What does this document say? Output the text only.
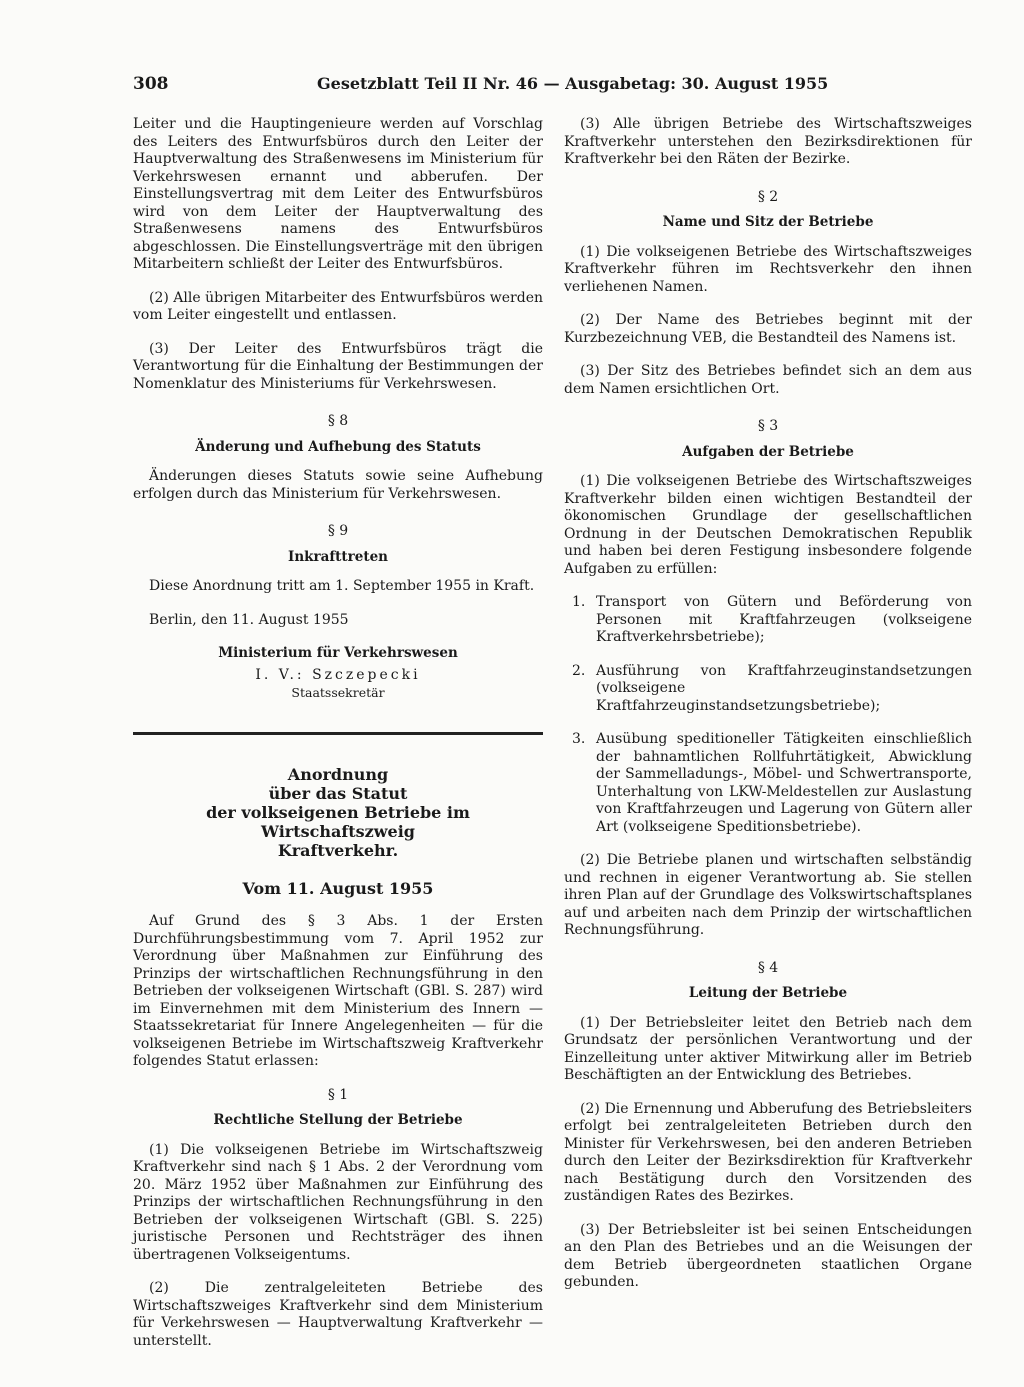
308	Gesetzblatt Teil II Nr. 46 — Ausgabetag: 30. August 1955

Leiter und die Hauptingenieure werden auf Vorschlag des Leiters des Entwurfsbüros durch den Leiter der Hauptverwaltung des Straßenwesens im Ministerium für Verkehrswesen ernannt und abberufen. Der Einstellungsvertrag mit dem Leiter des Entwurfsbüros wird von dem Leiter der Hauptverwaltung des Straßenwesens namens des Entwurfsbüros abgeschlossen. Die Einstellungsverträge mit den übrigen Mitarbeitern schließt der Leiter des Entwurfsbüros.

(2) Alle übrigen Mitarbeiter des Entwurfsbüros werden vom Leiter eingestellt und entlassen.

(3) Der Leiter des Entwurfsbüros trägt die Verantwortung für die Einhaltung der Bestimmungen der Nomenklatur des Ministeriums für Verkehrswesen.

§ 8
Änderung und Aufhebung des Statuts

Änderungen dieses Statuts sowie seine Aufhebung erfolgen durch das Ministerium für Verkehrswesen.

§ 9
Inkrafttreten

Diese Anordnung tritt am 1. September 1955 in Kraft.

Berlin, den 11. August 1955

Ministerium für Verkehrswesen
I. V.: Szczepecki
Staatssekretär
Anordnung
über das Statut
der volkseigenen Betriebe im Wirtschaftszweig
Kraftverkehr.
Vom 11. August 1955

Auf Grund des § 3 Abs. 1 der Ersten Durchführungsbestimmung vom 7. April 1952 zur Verordnung über Maßnahmen zur Einführung des Prinzips der wirtschaftlichen Rechnungsführung in den Betrieben der volkseigenen Wirtschaft (GBl. S. 287) wird im Einvernehmen mit dem Ministerium des Innern — Staatssekretariat für Innere Angelegenheiten — für die volkseigenen Betriebe im Wirtschaftszweig Kraftverkehr folgendes Statut erlassen:

§ 1
Rechtliche Stellung der Betriebe

(1) Die volkseigenen Betriebe im Wirtschaftszweig Kraftverkehr sind nach § 1 Abs. 2 der Verordnung vom 20. März 1952 über Maßnahmen zur Einführung des Prinzips der wirtschaftlichen Rechnungsführung in den Betrieben der volkseigenen Wirtschaft (GBl. S. 225) juristische Personen und Rechtsträger des ihnen übertragenen Volkseigentums.

(2) Die zentralgeleiteten Betriebe des Wirtschaftszweiges Kraftverkehr sind dem Ministerium für Verkehrswesen — Hauptverwaltung Kraftverkehr — unterstellt.

(3) Alle übrigen Betriebe des Wirtschaftszweiges Kraftverkehr unterstehen den Bezirksdirektionen für Kraftverkehr bei den Räten der Bezirke.

§ 2
Name und Sitz der Betriebe

(1) Die volkseigenen Betriebe des Wirtschaftszweiges Kraftverkehr führen im Rechtsverkehr den ihnen verliehenen Namen.

(2) Der Name des Betriebes beginnt mit der Kurzbezeichnung VEB, die Bestandteil des Namens ist.

(3) Der Sitz des Betriebes befindet sich an dem aus dem Namen ersichtlichen Ort.

§ 3
Aufgaben der Betriebe

(1) Die volkseigenen Betriebe des Wirtschaftszweiges Kraftverkehr bilden einen wichtigen Bestandteil der ökonomischen Grundlage der gesellschaftlichen Ordnung in der Deutschen Demokratischen Republik und haben bei deren Festigung insbesondere folgende Aufgaben zu erfüllen:

1. Transport von Gütern und Beförderung von Personen mit Kraftfahrzeugen (volkseigene Kraftverkehrsbetriebe);
2. Ausführung von Kraftfahrzeuginstandsetzungen (volkseigene Kraftfahrzeuginstandsetzungsbetriebe);
3. Ausübung speditioneller Tätigkeiten einschließlich der bahnamtlichen Rollfuhrtätigkeit, Abwicklung der Sammelladungs-, Möbel- und Schwertransporte, Unterhaltung von LKW-Meldestellen zur Auslastung von Kraftfahrzeugen und Lagerung von Gütern aller Art (volkseigene Speditionsbetriebe).

(2) Die Betriebe planen und wirtschaften selbständig und rechnen in eigener Verantwortung ab. Sie stellen ihren Plan auf der Grundlage des Volkswirtschaftsplanes auf und arbeiten nach dem Prinzip der wirtschaftlichen Rechnungsführung.

§ 4
Leitung der Betriebe

(1) Der Betriebsleiter leitet den Betrieb nach dem Grundsatz der persönlichen Verantwortung und der Einzelleitung unter aktiver Mitwirkung aller im Betrieb Beschäftigten an der Entwicklung des Betriebes.

(2) Die Ernennung und Abberufung des Betriebsleiters erfolgt bei zentralgeleiteten Betrieben durch den Minister für Verkehrswesen, bei den anderen Betrieben durch den Leiter der Bezirksdirektion für Kraftverkehr nach Bestätigung durch den Vorsitzenden des zuständigen Rates des Bezirkes.

(3) Der Betriebsleiter ist bei seinen Entscheidungen an den Plan des Betriebes und an die Weisungen der dem Betrieb übergeordneten staatlichen Organe gebunden.
